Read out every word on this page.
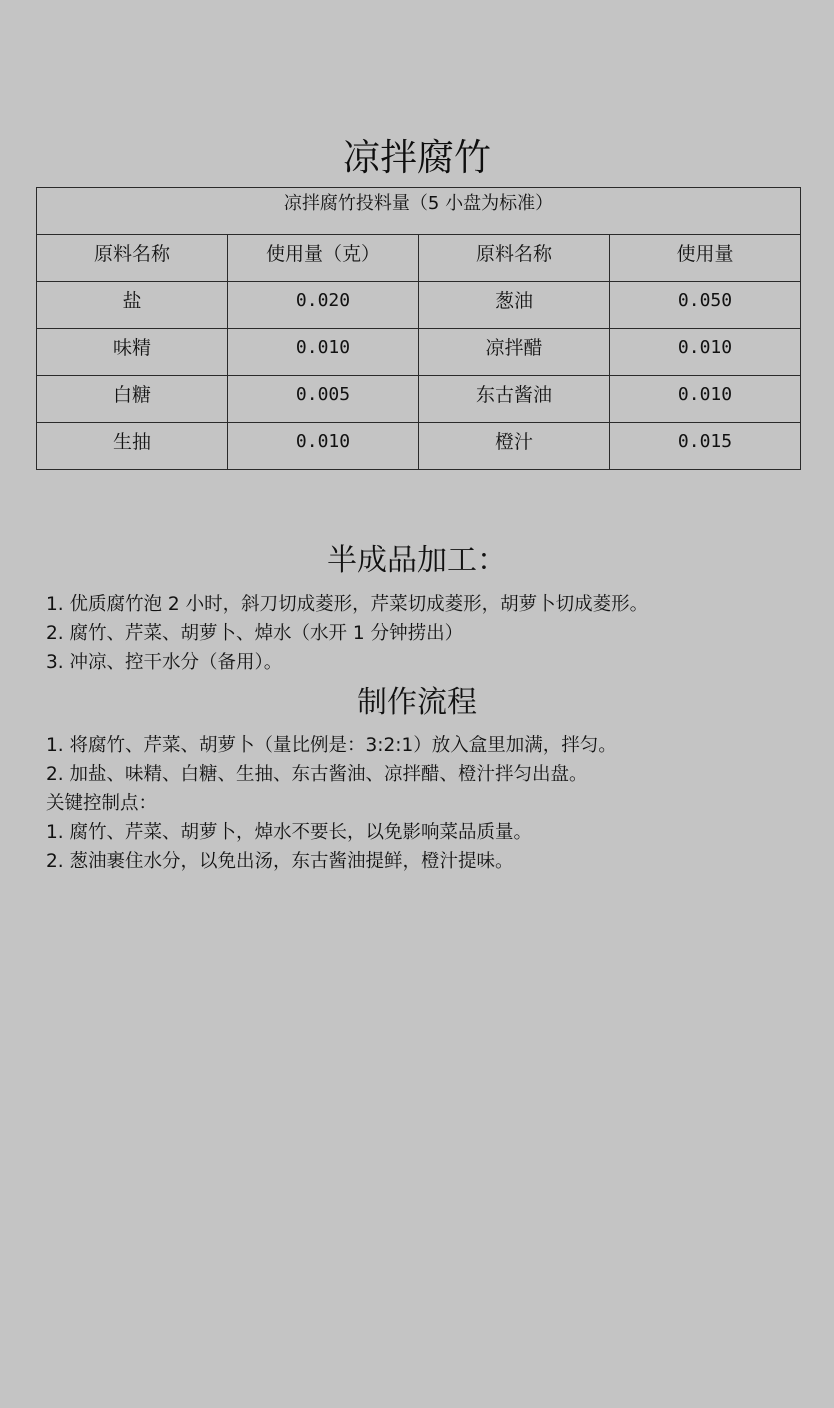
凉拌腐竹
凉拌腐竹投料量（5 小盘为标准）			
原料名称	使用量（克）	原料名称	使用量
盐	0.020	葱油	0.050
味精	0.010	凉拌醋	0.010
白糖	0.005	东古酱油	0.010
生抽	0.010	橙汁	0.015
半成品加工：
1. 优质腐竹泡 2 小时，斜刀切成菱形，芹菜切成菱形，胡萝卜切成菱形。
2. 腐竹、芹菜、胡萝卜、焯水（水开 1 分钟捞出）
3. 冲凉、控干水分（备用）。
制作流程
1. 将腐竹、芹菜、胡萝卜（量比例是：3:2:1）放入盒里加满，拌匀。
2. 加盐、味精、白糖、生抽、东古酱油、凉拌醋、橙汁拌匀出盘。
关键控制点：
1. 腐竹、芹菜、胡萝卜，焯水不要长，以免影响菜品质量。
2. 葱油裹住水分，以免出汤，东古酱油提鲜，橙汁提味。
